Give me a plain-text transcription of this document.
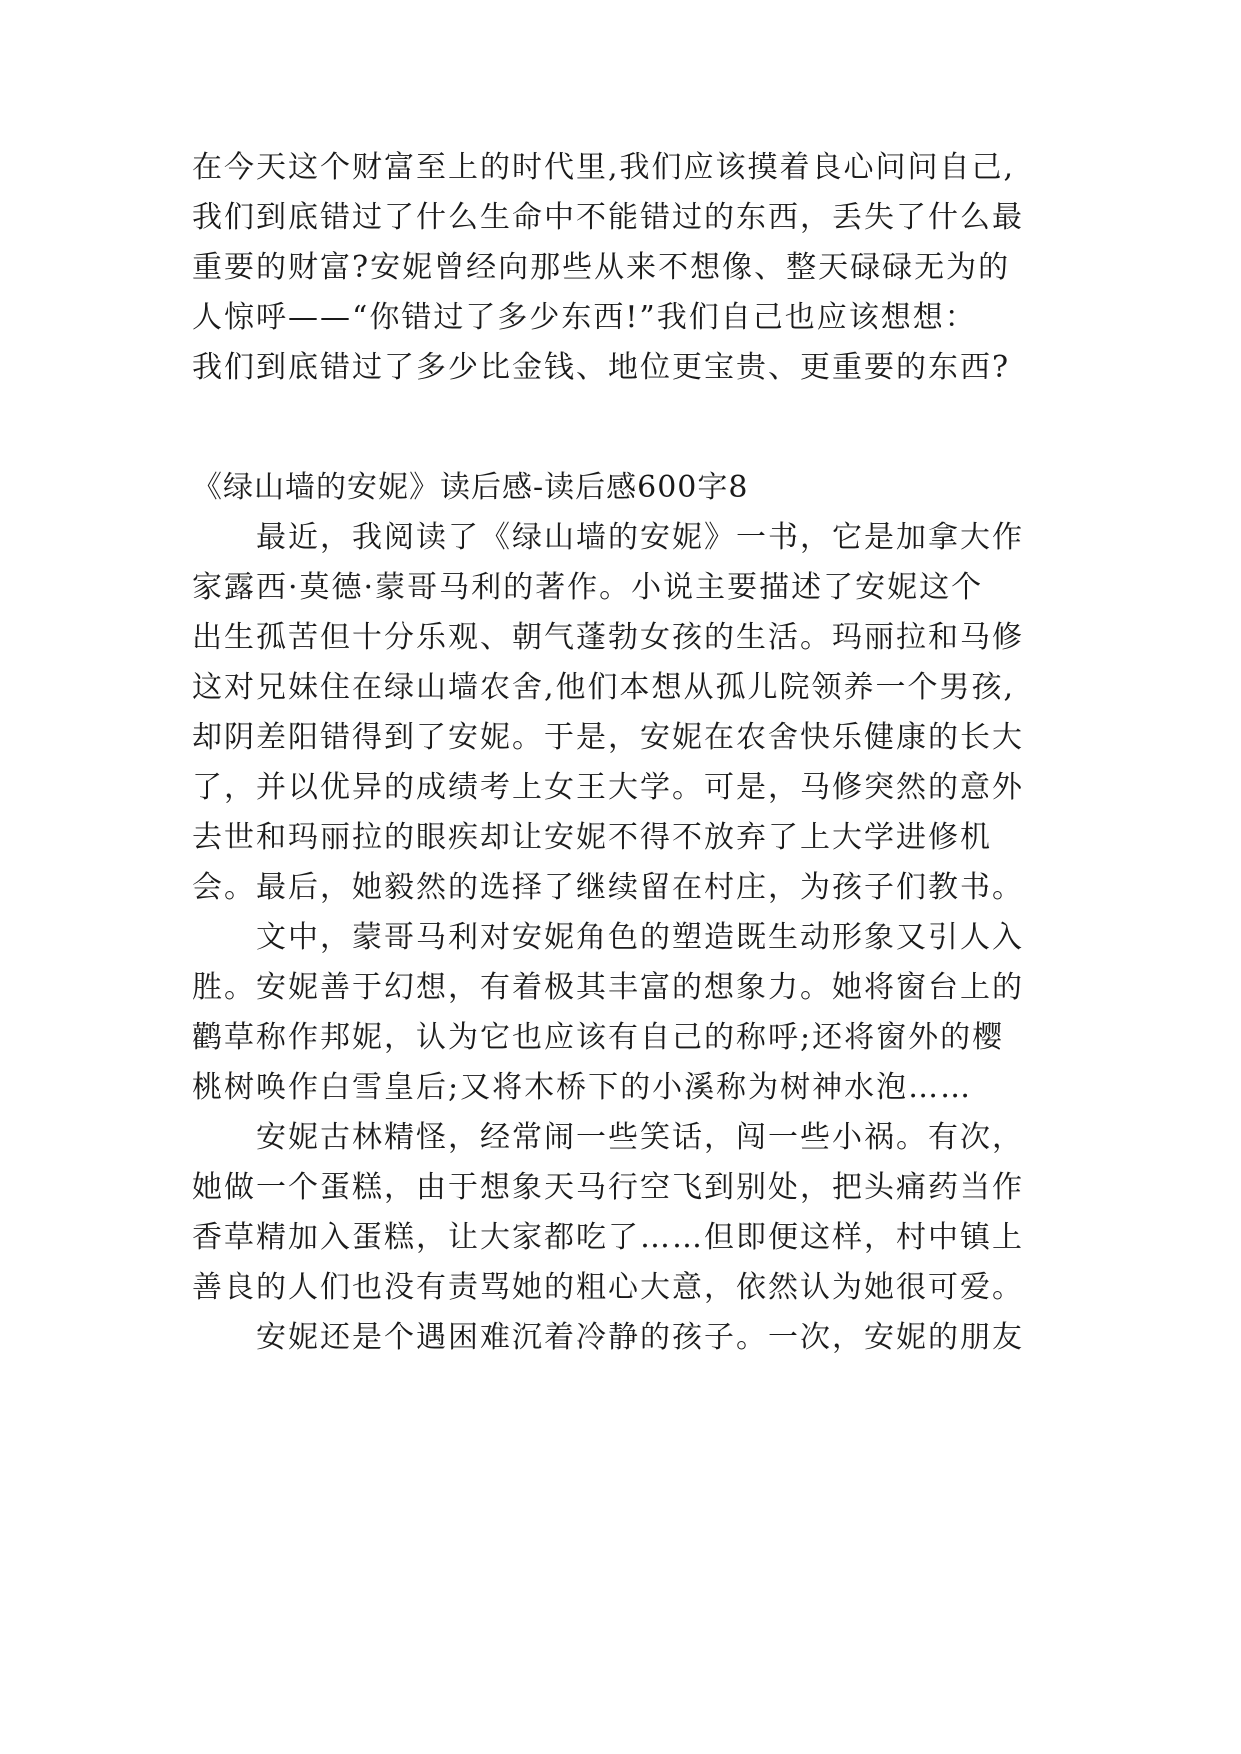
在今天这个财富至上的时代里,我们应该摸着良心问问自己,

我们到底错过了什么生命中不能错过的东西，丢失了什么最

重要的财富?安妮曾经向那些从来不想像、整天碌碌无为的

人惊呼——“你错过了多少东西!”我们自己也应该想想：

我们到底错过了多少比金钱、地位更宝贵、更重要的东西?

《绿山墙的安妮》读后感-读后感600字8

　　最近，我阅读了《绿山墙的安妮》一书，它是加拿大作

家露西·莫德·蒙哥马利的著作。小说主要描述了安妮这个

出生孤苦但十分乐观、朝气蓬勃女孩的生活。玛丽拉和马修

这对兄妹住在绿山墙农舍,他们本想从孤儿院领养一个男孩,

却阴差阳错得到了安妮。于是，安妮在农舍快乐健康的长大

了，并以优异的成绩考上女王大学。可是，马修突然的意外

去世和玛丽拉的眼疾却让安妮不得不放弃了上大学进修机

会。最后，她毅然的选择了继续留在村庄，为孩子们教书。

　　文中，蒙哥马利对安妮角色的塑造既生动形象又引人入

胜。安妮善于幻想，有着极其丰富的想象力。她将窗台上的

鹳草称作邦妮，认为它也应该有自己的称呼;还将窗外的樱

桃树唤作白雪皇后;又将木桥下的小溪称为树神水泡……

　　安妮古林精怪，经常闹一些笑话，闯一些小祸。有次，

她做一个蛋糕，由于想象天马行空飞到别处，把头痛药当作

香草精加入蛋糕，让大家都吃了……但即便这样，村中镇上

善良的人们也没有责骂她的粗心大意，依然认为她很可爱。

　　安妮还是个遇困难沉着冷静的孩子。一次，安妮的朋友
